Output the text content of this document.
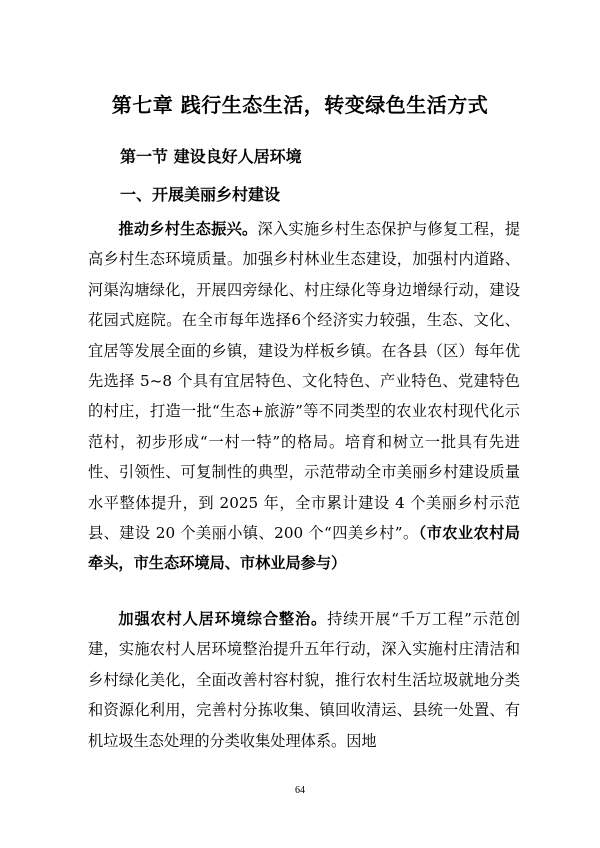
第七章 践行生态生活，转变绿色生活方式
第一节 建设良好人居环境
一、开展美丽乡村建设

推动乡村生态振兴。深入实施乡村生态保护与修复工程，提高乡村生态环境质量。加强乡村林业生态建设，加强村内道路、河渠沟塘绿化，开展四旁绿化、村庄绿化等身边增绿行动，建设花园式庭院。在全市每年选择6个经济实力较强，生态、文化、宜居等发展全面的乡镇，建设为样板乡镇。在各县（区）每年优先选择 5~8 个具有宜居特色、文化特色、产业特色、党建特色的村庄，打造一批“生态+旅游”等不同类型的农业农村现代化示范村，初步形成“一村一特”的格局。培育和树立一批具有先进性、引领性、可复制性的典型，示范带动全市美丽乡村建设质量水平整体提升，到 2025 年，全市累计建设 4 个美丽乡村示范县、建设 20 个美丽小镇、200 个“四美乡村”。（市农业农村局牵头，市生态环境局、市林业局参与）

加强农村人居环境综合整治。持续开展“千万工程”示范创建，实施农村人居环境整治提升五年行动，深入实施村庄清洁和乡村绿化美化，全面改善村容村貌，推行农村生活垃圾就地分类和资源化利用，完善村分拣收集、镇回收清运、县统一处置、有机垃圾生态处理的分类收集处理体系。因地

64
